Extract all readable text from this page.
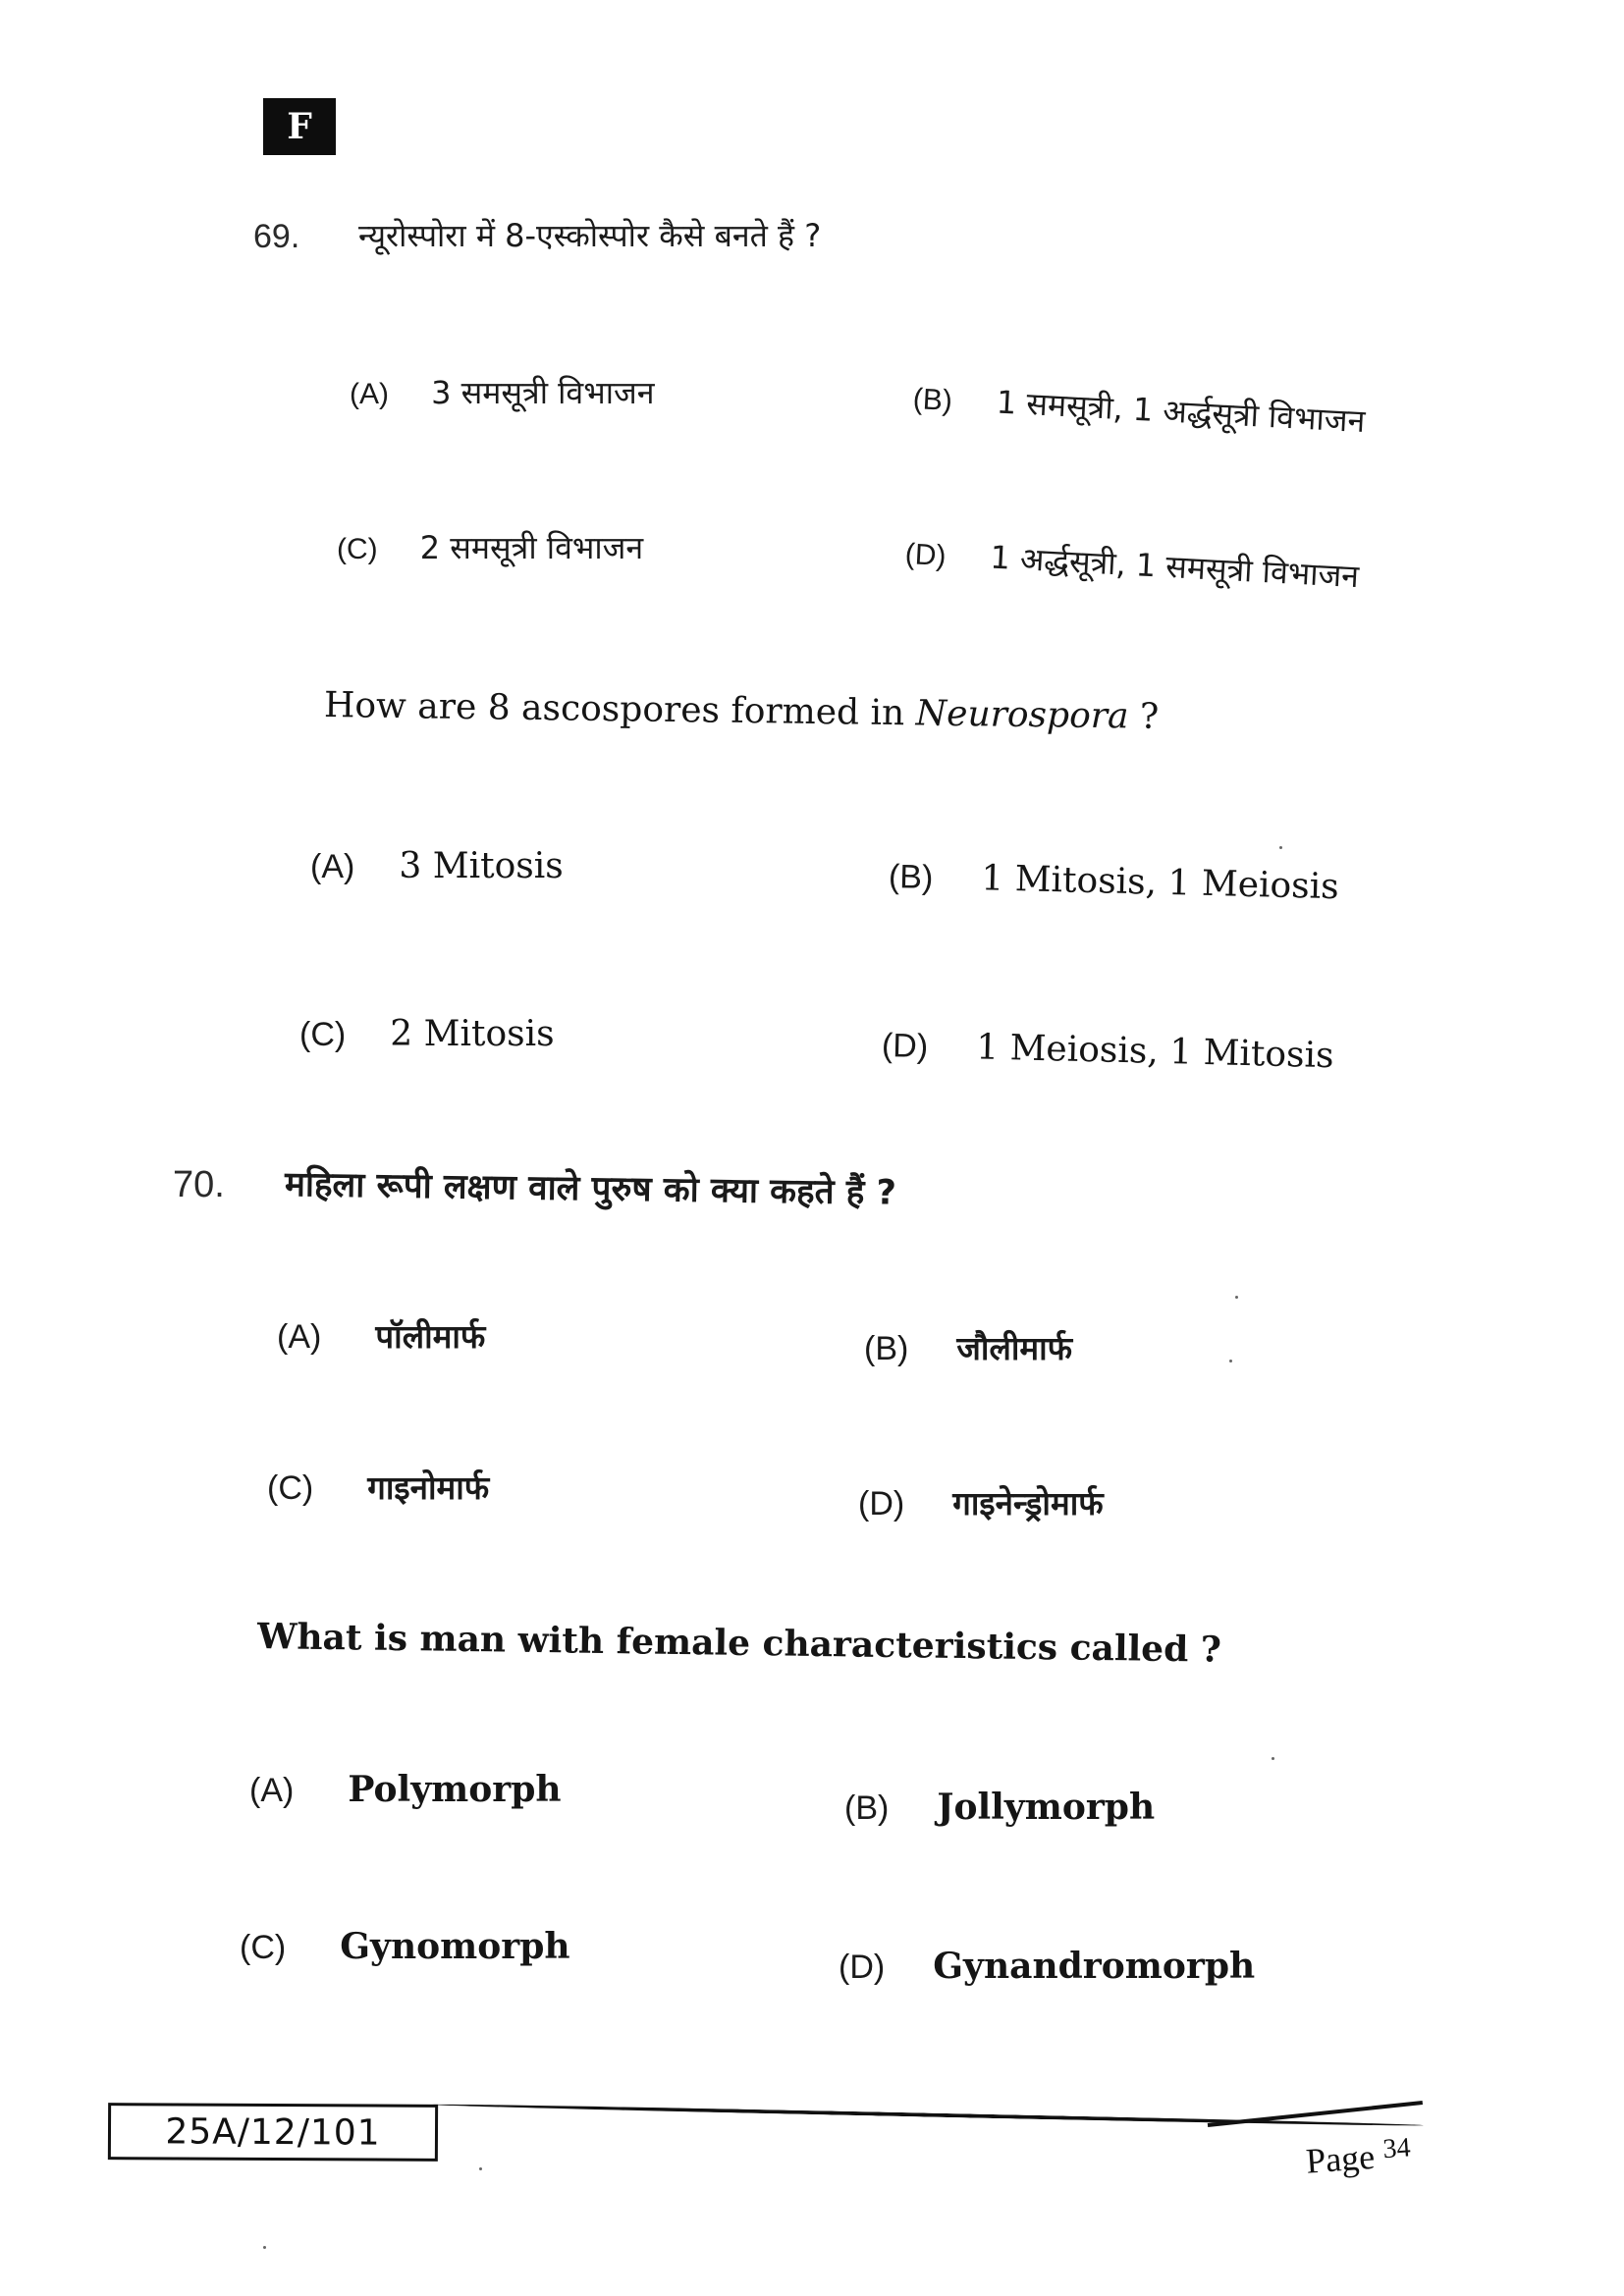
F
69. न्यूरोस्पोरा में 8-एस्कोस्पोर कैसे बनते हैं ?
(A) 3 समसूत्री विभाजन	(B) 1 समसूत्री, 1 अर्द्धसूत्री विभाजन
(C) 2 समसूत्री विभाजन	(D) 1 अर्द्धसूत्री, 1 समसूत्री विभाजन
How are 8 ascospores formed in Neurospora ?
(A) 3 Mitosis	(B) 1 Mitosis, 1 Meiosis
(C) 2 Mitosis	(D) 1 Meiosis, 1 Mitosis
70. महिला रूपी लक्षण वाले पुरुष को क्या कहते हैं ?
(A) पॉलीमार्फ	(B) जौलीमार्फ
(C) गाइनोमार्फ	(D) गाइनेन्ड्रोमार्फ
What is man with female characteristics called ?
(A) Polymorph	(B) Jollymorph
(C) Gynomorph	(D) Gynandromorph
25A/12/101
Page $^{34}$
